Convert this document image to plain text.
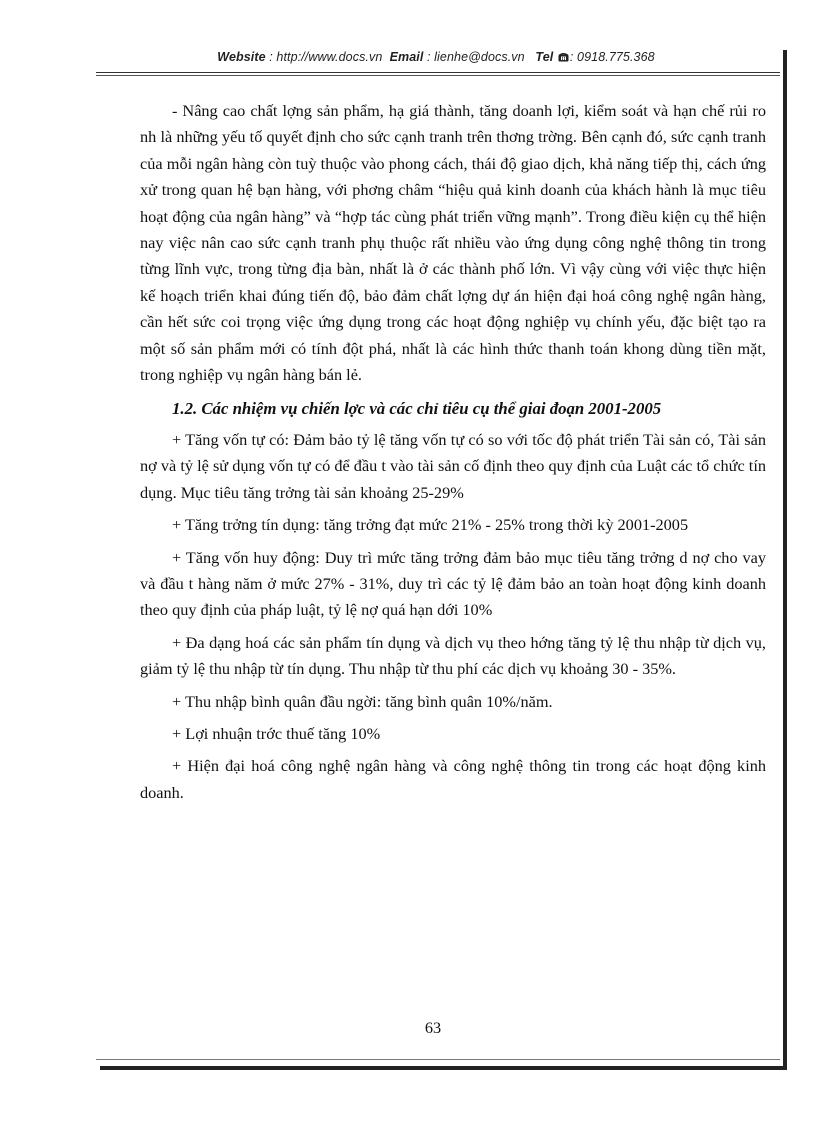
Website : http://www.docs.vn Email : lienhe@docs.vn Tel : 0918.775.368

- Nâng cao chất lợng sản phẩm, hạ giá thành, tăng doanh lợi, kiểm soát và hạn chế rủi ro nh là những yếu tố quyết định cho sức cạnh tranh trên thơng trờng. Bên cạnh đó, sức cạnh tranh của mỗi ngân hàng còn tuỳ thuộc vào phong cách, thái độ giao dịch, khả năng tiếp thị, cách ứng xử trong quan hệ bạn hàng, với phơng châm “hiệu quả kinh doanh của khách hành là mục tiêu hoạt động của ngân hàng” và “hợp tác cùng phát triển vững mạnh”. Trong điều kiện cụ thể hiện nay việc nân cao sức cạnh tranh phụ thuộc rất nhiều vào ứng dụng công nghệ thông tin trong từng lĩnh vực, trong từng địa bàn, nhất là ở các thành phố lớn. Vì vậy cùng với việc thực hiện kế hoạch triển khai đúng tiến độ, bảo đảm chất lợng dự án hiện đại hoá công nghệ ngân hàng, cần hết sức coi trọng việc ứng dụng trong các hoạt động nghiệp vụ chính yếu, đặc biệt tạo ra một số sản phẩm mới có tính đột phá, nhất là các hình thức thanh toán khong dùng tiền mặt, trong nghiệp vụ ngân hàng bán lẻ.

1.2. Các nhiệm vụ chiến lợc và các chỉ tiêu cụ thể giai đoạn 2001-2005

+ Tăng vốn tự có: Đảm bảo tỷ lệ tăng vốn tự có so với tốc độ phát triển Tài sản có, Tài sản nợ và tỷ lệ sử dụng vốn tự có để đầu t vào tài sản cố định theo quy định của Luật các tổ chức tín dụng. Mục tiêu tăng trởng tài sản khoảng 25-29%

+ Tăng trởng tín dụng: tăng trởng đạt mức 21% - 25% trong thời kỳ 2001-2005

+ Tăng vốn huy động: Duy trì mức tăng trởng đảm bảo mục tiêu tăng trởng d nợ cho vay và đầu t hàng năm ở mức 27% - 31%, duy trì các tỷ lệ đảm bảo an toàn hoạt động kinh doanh theo quy định của pháp luật, tỷ lệ nợ quá hạn dới 10%

+ Đa dạng hoá các sản phẩm tín dụng và dịch vụ theo hớng tăng tỷ lệ thu nhập từ dịch vụ, giảm tỷ lệ thu nhập từ tín dụng. Thu nhập từ thu phí các dịch vụ khoảng 30 - 35%.

+ Thu nhập bình quân đầu ngời: tăng bình quân 10%/năm.

+ Lợi nhuận trớc thuế tăng 10%

+ Hiện đại hoá công nghệ ngân hàng và công nghệ thông tin trong các hoạt động kinh doanh.

63
